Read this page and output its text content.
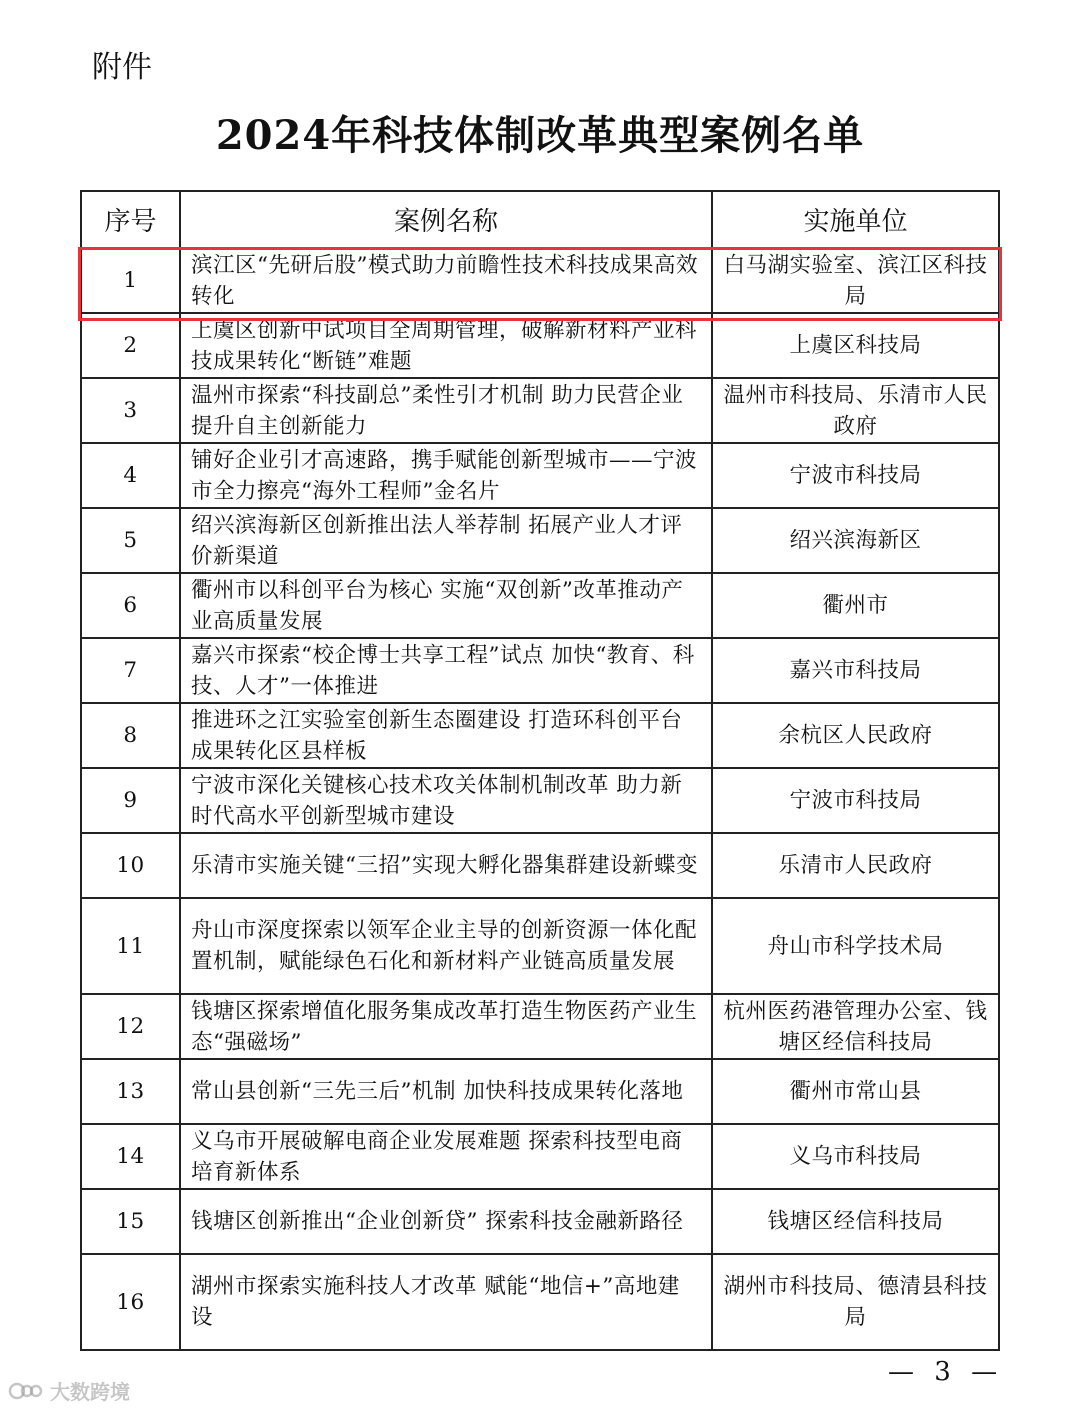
附件
2024年科技体制改革典型案例名单
序号	案例名称	实施单位
1	滨江区“先研后股”模式助力前瞻性技术科技成果高效转化	白马湖实验室、滨江区科技局
2	上虞区创新中试项目全周期管理，破解新材料产业科技成果转化“断链”难题	上虞区科技局
3	温州市探索“科技副总”柔性引才机制 助力民营企业提升自主创新能力	温州市科技局、乐清市人民政府
4	铺好企业引才高速路，携手赋能创新型城市——宁波市全力擦亮“海外工程师”金名片	宁波市科技局
5	绍兴滨海新区创新推出法人举荐制 拓展产业人才评价新渠道	绍兴滨海新区
6	衢州市以科创平台为核心 实施“双创新”改革推动产业高质量发展	衢州市
7	嘉兴市探索“校企博士共享工程”试点 加快“教育、科技、人才”一体推进	嘉兴市科技局
8	推进环之江实验室创新生态圈建设 打造环科创平台成果转化区县样板	余杭区人民政府
9	宁波市深化关键核心技术攻关体制机制改革 助力新时代高水平创新型城市建设	宁波市科技局
10	乐清市实施关键“三招”实现大孵化器集群建设新蝶变	乐清市人民政府
11	舟山市深度探索以领军企业主导的创新资源一体化配置机制，赋能绿色石化和新材料产业链高质量发展	舟山市科学技术局
12	钱塘区探索增值化服务集成改革打造生物医药产业生态“强磁场”	杭州医药港管理办公室、钱塘区经信科技局
13	常山县创新“三先三后”机制 加快科技成果转化落地	衢州市常山县
14	义乌市开展破解电商企业发展难题 探索科技型电商培育新体系	义乌市科技局
15	钱塘区创新推出“企业创新贷” 探索科技金融新路径	钱塘区经信科技局
16	湖州市探索实施科技人才改革 赋能“地信+”高地建设	湖州市科技局、德清县科技局
— 3 —
大数跨境
